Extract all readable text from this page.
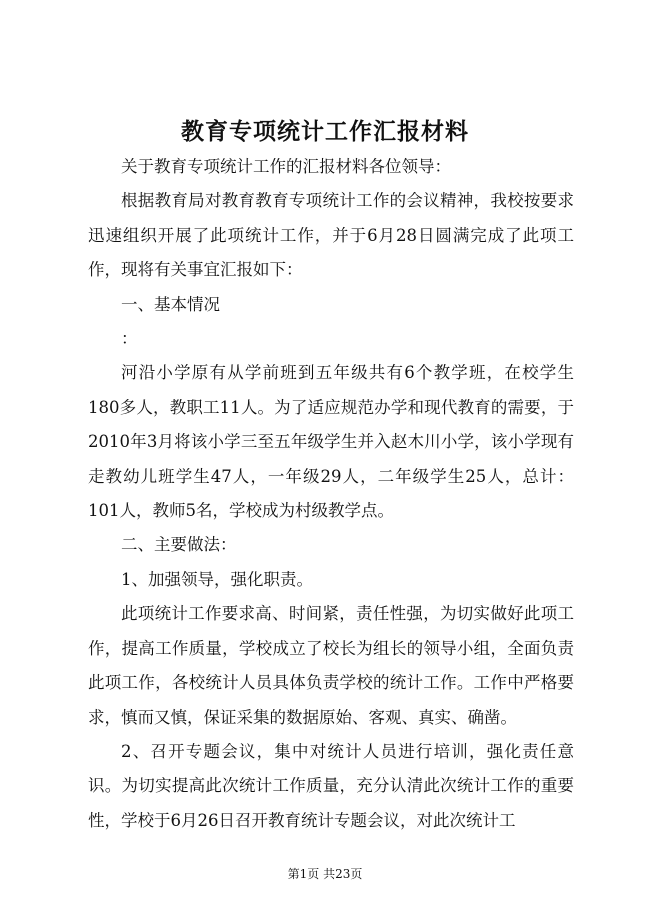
教育专项统计工作汇报材料

关于教育专项统计工作的汇报材料各位领导：

根据教育局对教育教育专项统计工作的会议精神，我校按要求迅速组织开展了此项统计工作，并于6月28日圆满完成了此项工作，现将有关事宜汇报如下：

一、基本情况

：

河沿小学原有从学前班到五年级共有6个教学班，在校学生180多人，教职工11人。为了适应规范办学和现代教育的需要，于2010年3月将该小学三至五年级学生并入赵木川小学，该小学现有走教幼儿班学生47人，一年级29人，二年级学生25人，总计：101人，教师5名，学校成为村级教学点。

二、主要做法：

1、加强领导，强化职责。

此项统计工作要求高、时间紧，责任性强，为切实做好此项工作，提高工作质量，学校成立了校长为组长的领导小组，全面负责此项工作，各校统计人员具体负责学校的统计工作。工作中严格要求，慎而又慎，保证采集的数据原始、客观、真实、确凿。

2、召开专题会议，集中对统计人员进行培训，强化责任意识。为切实提高此次统计工作质量，充分认清此次统计工作的重要性，学校于6月26日召开教育统计专题会议，对此次统计工

第1页 共23页
